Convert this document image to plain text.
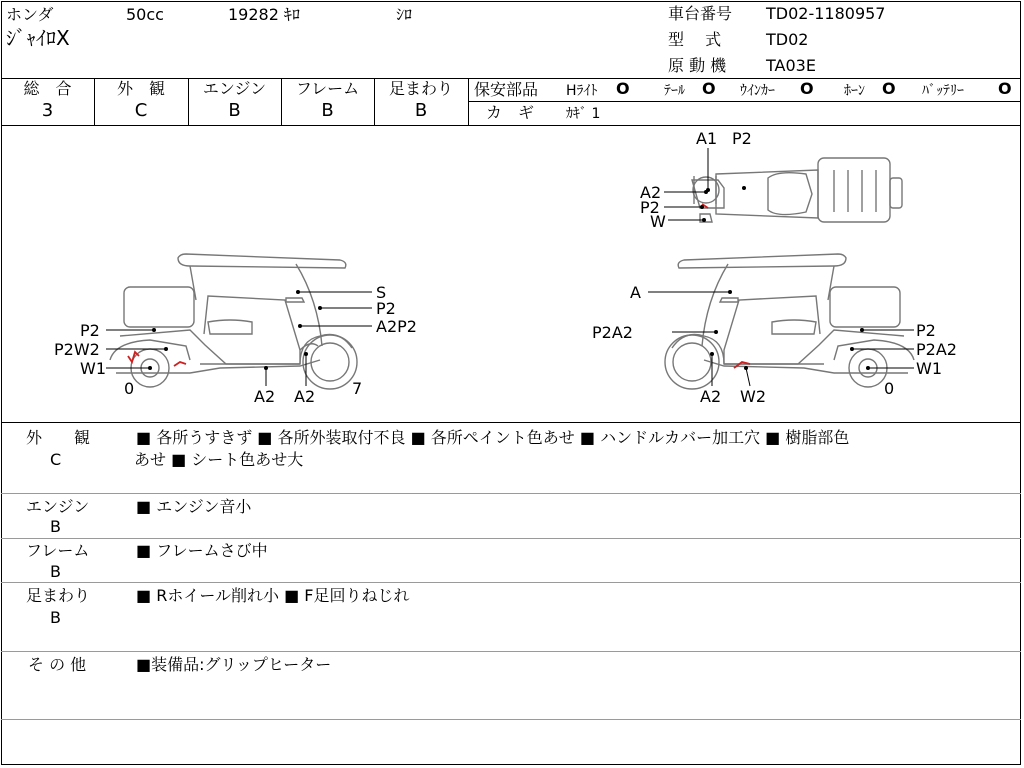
ホンダ	50cc	19282 ｷﾛ	ｼﾛ
ｼﾞｬｲﾛX
車台番号 TD02-1180957
型　 式	TD02
原 動 機 TA03E
総　合
3
外　観
C
エンジン
B
フレーム
B
足まわり
B
保安部品 Hﾗｲﾄ O ﾃｰﾙ O ｳｲﾝｶｰ O ﾎｰﾝ O ﾊﾞｯﾃﾘｰ O
カ　ギ ｶｷﾞ 1
S
P2
A2P2
P2
P2W2
W1
0	A2 A2 7
A
P2A2	P2
P2A2
W1
0
A2 W2
A1 P2
A2
P2
W
外　　観
C
■ 各所うすきず ■ 各所外装取付不良 ■ 各所ペイント色あせ ■ ハンドルカバー加工穴 ■ 樹脂部色
あせ ■ シート色あせ大
エンジン
B
■ エンジン音小
フレーム
B
■ フレームさび中
足まわり
B
■ Rホイール削れ小 ■ F足回りねじれ
そ の 他	■装備品:グリップヒーター
